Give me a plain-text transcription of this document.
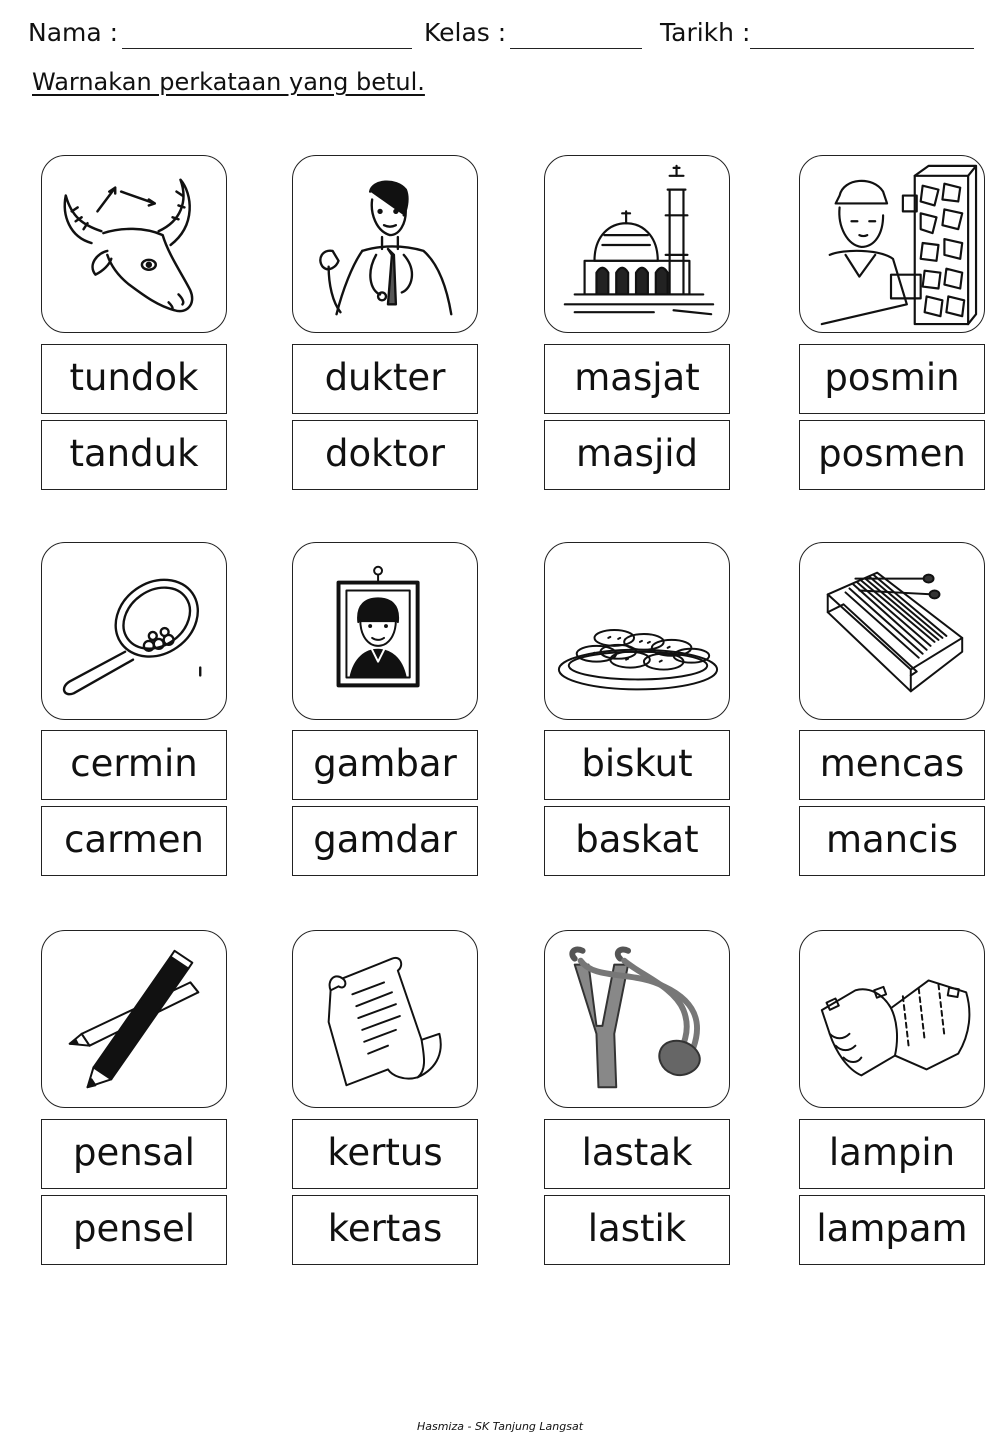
Nama :	Kelas :	Tarikh :
Warnakan perkataan yang betul.
tundok
tanduk
dukter
doktor
masjat
masjid
posmin
posmen
cermin
carmen
gambar
gamdar
biskut
baskat
mencas
mancis
pensal
pensel
kertus
kertas
lastak
lastik
lampin
lampam
Hasmiza - SK Tanjung Langsat
